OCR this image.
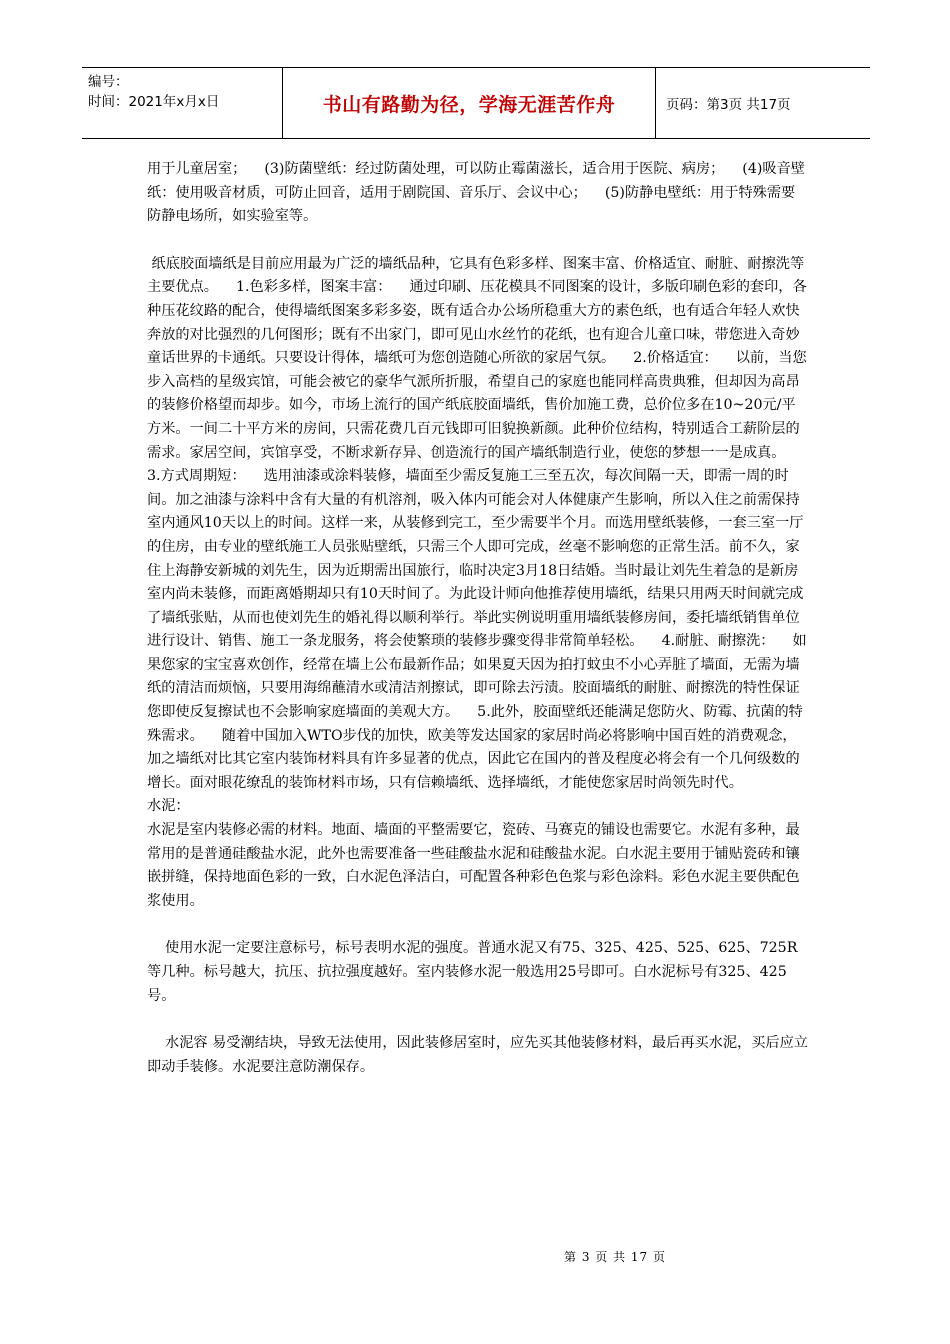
编号：
时间：2021年x月x日	书山有路勤为径，学海无涯苦作舟	页码：第3页 共17页

用于儿童居室；    (3)防菌壁纸：经过防菌处理，可以防止霉菌滋长，适合用于医院、病房；    (4)吸音壁纸：使用吸音材质，可防止回音，适用于剧院国、音乐厅、会议中心；    (5)防静电壁纸：用于特殊需要防静电场所，如实验室等。

纸底胶面墙纸是目前应用最为广泛的墙纸品种，它具有色彩多样、图案丰富、价格适宜、耐脏、耐擦洗等主要优点。    1.色彩多样，图案丰富：    通过印刷、压花模具不同图案的设计，多版印刷色彩的套印，各种压花纹路的配合，使得墙纸图案多彩多姿，既有适合办公场所稳重大方的素色纸，也有适合年轻人欢快奔放的对比强烈的几何图形；既有不出家门，即可见山水丝竹的花纸，也有迎合儿童口味，带您进入奇妙童话世界的卡通纸。只要设计得体，墙纸可为您创造随心所欲的家居气氛。    2.价格适宜：    以前，当您步入高档的星级宾馆，可能会被它的豪华气派所折服，希望自己的家庭也能同样高贵典雅，但却因为高昂的装修价格望而却步。如今，市场上流行的国产纸底胶面墙纸，售价加施工费，总价位多在10~20元/平方米。一间二十平方米的房间，只需花费几百元钱即可旧貌换新颜。此种价位结构，特别适合工薪阶层的需求。家居空间，宾馆享受，不断求新存异、创造流行的国产墙纸制造行业，使您的梦想一一是成真。    3.方式周期短：    选用油漆或涂料装修，墙面至少需反复施工三至五次，每次间隔一天，即需一周的时间。加之油漆与涂料中含有大量的有机溶剂，吸入体内可能会对人体健康产生影响，所以入住之前需保持室内通风10天以上的时间。这样一来，从装修到完工，至少需要半个月。而选用壁纸装修，一套三室一厅的住房，由专业的壁纸施工人员张贴壁纸，只需三个人即可完成，丝毫不影响您的正常生活。前不久，家住上海静安新城的刘先生，因为近期需出国旅行，临时决定3月18日结婚。当时最让刘先生着急的是新房室内尚未装修，而距离婚期却只有10天时间了。为此设计师向他推荐使用墙纸，结果只用两天时间就完成了墙纸张贴，从而也使刘先生的婚礼得以顺利举行。举此实例说明重用墙纸装修房间，委托墙纸销售单位进行设计、销售、施工一条龙服务，将会使繁琐的装修步骤变得非常简单轻松。    4.耐脏、耐擦洗：    如果您家的宝宝喜欢创作，经常在墙上公布最新作品；如果夏天因为拍打蚊虫不小心弄脏了墙面，无需为墙纸的清洁而烦恼，只要用海绵蘸清水或清洁剂擦试，即可除去污渍。胶面墙纸的耐脏、耐擦洗的特性保证您即使反复擦试也不会影响家庭墙面的美观大方。    5.此外，胶面壁纸还能满足您防火、防霉、抗菌的特殊需求。    随着中国加入WTO步伐的加快，欧美等发达国家的家居时尚必将影响中国百姓的消费观念，加之墙纸对比其它室内装饰材料具有许多显著的优点，因此它在国内的普及程度必将会有一个几何级数的增长。面对眼花缭乱的装饰材料市场，只有信赖墙纸、选择墙纸，才能使您家居时尚领先时代。

水泥：

水泥是室内装修必需的材料。地面、墙面的平整需要它，瓷砖、马赛克的铺设也需要它。水泥有多种，最常用的是普通硅酸盐水泥，此外也需要准备一些硅酸盐水泥和硅酸盐水泥。白水泥主要用于铺贴瓷砖和镶嵌拼缝，保持地面色彩的一致，白水泥色泽洁白，可配置各种彩色色浆与彩色涂料。彩色水泥主要供配色浆使用。

使用水泥一定要注意标号，标号表明水泥的强度。普通水泥又有75、325、425、525、625、725R等几种。标号越大，抗压、抗拉强度越好。室内装修水泥一般选用25号即可。白水泥标号有325、425号。

水泥容 易受潮结块，导致无法使用，因此装修居室时，应先买其他装修材料，最后再买水泥，买后应立即动手装修。水泥要注意防潮保存。

第 3 页 共 17 页
